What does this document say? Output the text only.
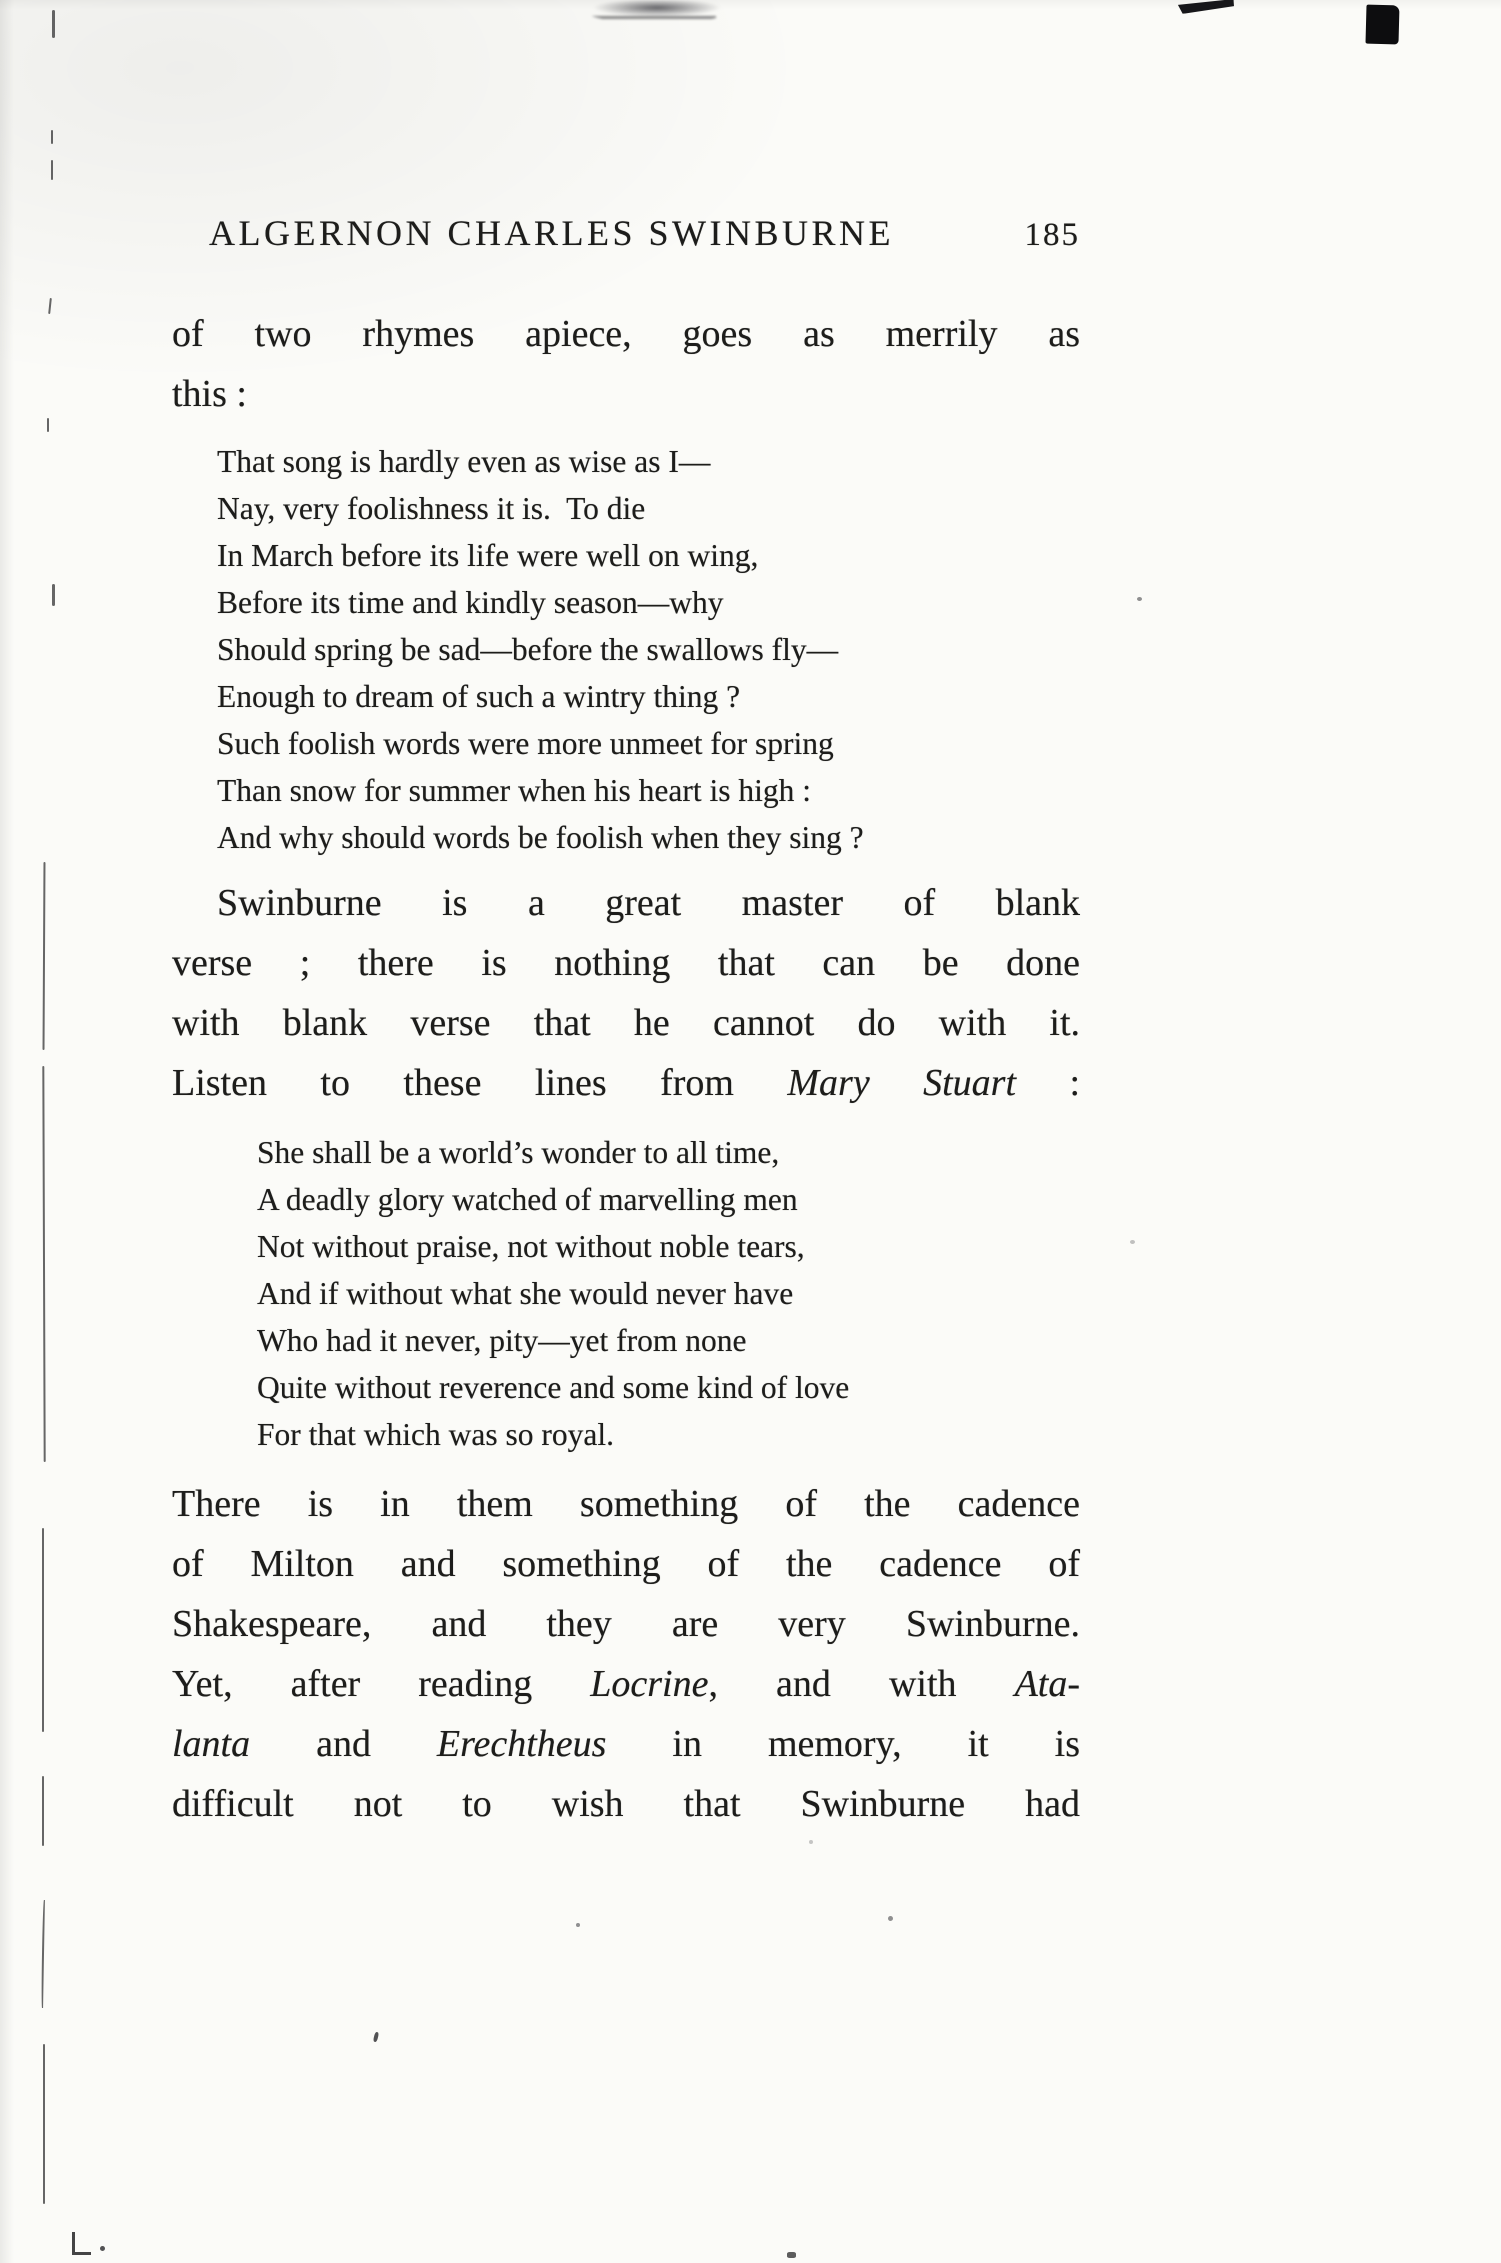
ALGERNON CHARLES SWINBURNE	185
of two rhymes apiece, goes as merrily as
this :
That song is hardly even as wise as I—
Nay, very foolishness it is.  To die
In March before its life were well on wing,
Before its time and kindly season—why
Should spring be sad—before the swallows fly—
Enough to dream of such a wintry thing ?
Such foolish words were more unmeet for spring
Than snow for summer when his heart is high :
And why should words be foolish when they sing ?
Swinburne is a great master of blank
verse ; there is nothing that can be done
with blank verse that he cannot do with it.
Listen to these lines from Mary Stuart :
She shall be a world’s wonder to all time,
A deadly glory watched of marvelling men
Not without praise, not without noble tears,
And if without what she would never have
Who had it never, pity—yet from none
Quite without reverence and some kind of love
For that which was so royal.
There is in them something of the cadence
of Milton and something of the cadence of
Shakespeare, and they are very Swinburne.
Yet, after reading Locrine, and with Ata-
lanta and Erechtheus in memory, it is
difficult not to wish that Swinburne had
